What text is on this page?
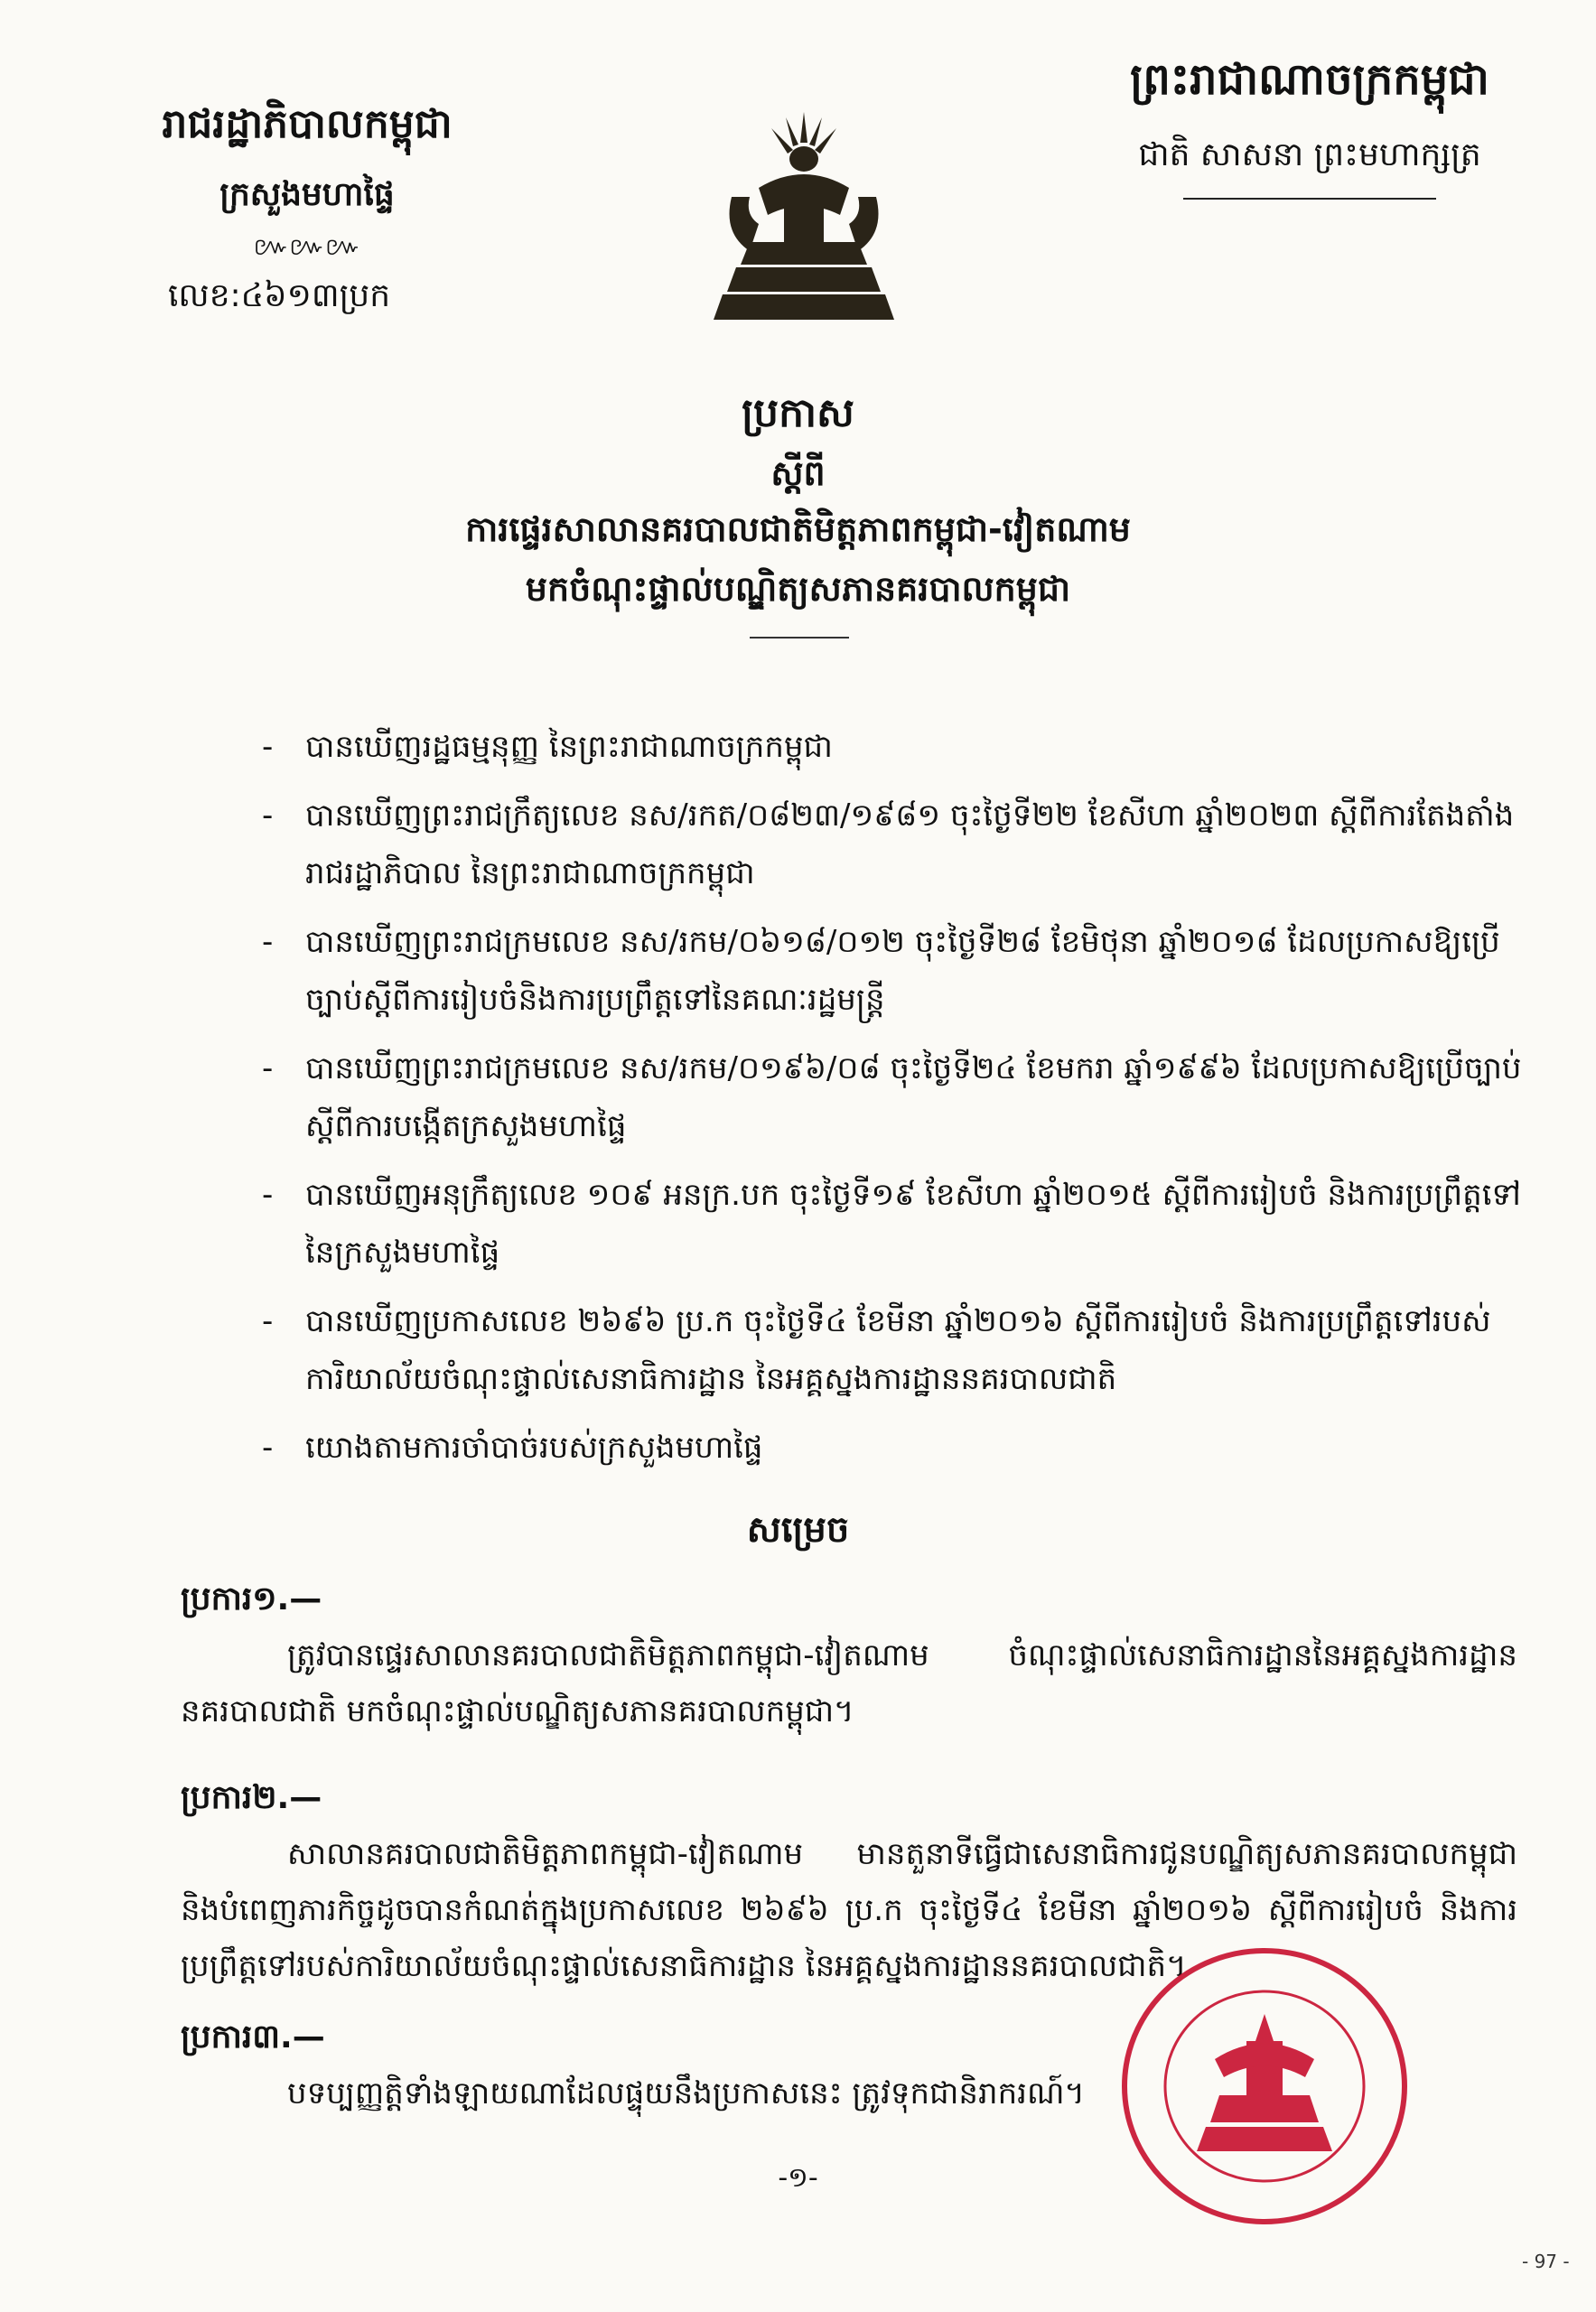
រាជរដ្ឋាភិបាលកម្ពុជា
ក្រសួងមហាផ្ទៃ
៚៚៚
លេខ:៤៦១៣ប្រក
ព្រះរាជាណាចក្រកម្ពុជា
ជាតិ សាសនា ព្រះមហាក្សត្រ
ប្រកាស
ស្តីពី
ការផ្ទេរសាលានគរបាលជាតិមិត្តភាពកម្ពុជា-វៀតណាម
មកចំណុះផ្ទាល់បណ្ឌិត្យសភានគរបាលកម្ពុជា
- បានឃើញរដ្ឋធម្មនុញ្ញ នៃព្រះរាជាណាចក្រកម្ពុជា
- បានឃើញព្រះរាជក្រឹត្យលេខ នស/រកត/០៨២៣/១៩៨១ ចុះថ្ងៃទី២២ ខែសីហា ឆ្នាំ២០២៣ ស្តីពីការតែងតាំងរាជរដ្ឋាភិបាល នៃព្រះរាជាណាចក្រកម្ពុជា
- បានឃើញព្រះរាជក្រមលេខ នស/រកម/០៦១៨/០១២ ចុះថ្ងៃទី២៨ ខែមិថុនា ឆ្នាំ២០១៨ ដែលប្រកាសឱ្យប្រើច្បាប់ស្តីពីការរៀបចំនិងការប្រព្រឹត្តទៅនៃគណៈរដ្ឋមន្ត្រី
- បានឃើញព្រះរាជក្រមលេខ នស/រកម/០១៩៦/០៨ ចុះថ្ងៃទី២៤ ខែមករា ឆ្នាំ១៩៩៦ ដែលប្រកាសឱ្យប្រើច្បាប់ស្តីពីការបង្កើតក្រសួងមហាផ្ទៃ
- បានឃើញអនុក្រឹត្យលេខ ១០៩ អនក្រ.បក ចុះថ្ងៃទី១៩ ខែសីហា ឆ្នាំ២០១៥ ស្តីពីការរៀបចំ និងការប្រព្រឹត្តទៅនៃក្រសួងមហាផ្ទៃ
- បានឃើញប្រកាសលេខ ២៦៩៦ ប្រ.ក ចុះថ្ងៃទី៤ ខែមីនា ឆ្នាំ២០១៦ ស្តីពីការរៀបចំ និងការប្រព្រឹត្តទៅរបស់ការិយាល័យចំណុះផ្ទាល់សេនាធិការដ្ឋាន នៃអគ្គស្នងការដ្ឋាននគរបាលជាតិ
- យោងតាមការចាំបាច់របស់ក្រសួងមហាផ្ទៃ
សម្រេច
ប្រការ១.—
ត្រូវបានផ្ទេរសាលានគរបាលជាតិមិត្តភាពកម្ពុជា-វៀតណាម ចំណុះផ្ទាល់សេនាធិការដ្ឋាននៃអគ្គស្នងការដ្ឋាននគរបាលជាតិ មកចំណុះផ្ទាល់បណ្ឌិត្យសភានគរបាលកម្ពុជា។
ប្រការ២.—
សាលានគរបាលជាតិមិត្តភាពកម្ពុជា-វៀតណាម មានតួនាទីធ្វើជាសេនាធិការជូនបណ្ឌិត្យសភានគរបាលកម្ពុជា និងបំពេញភារកិច្ចដូចបានកំណត់ក្នុងប្រកាសលេខ ២៦៩៦ ប្រ.ក ចុះថ្ងៃទី៤ ខែមីនា ឆ្នាំ២០១៦ ស្តីពីការរៀបចំ និងការប្រព្រឹត្តទៅរបស់ការិយាល័យចំណុះផ្ទាល់សេនាធិការដ្ឋាន នៃអគ្គស្នងការដ្ឋាននគរបាលជាតិ។
ប្រការ៣.—
បទប្បញ្ញត្តិទាំងឡាយណាដែលផ្ទុយនឹងប្រកាសនេះ ត្រូវទុកជានិរាករណ៍។
-១-
- 97 -
